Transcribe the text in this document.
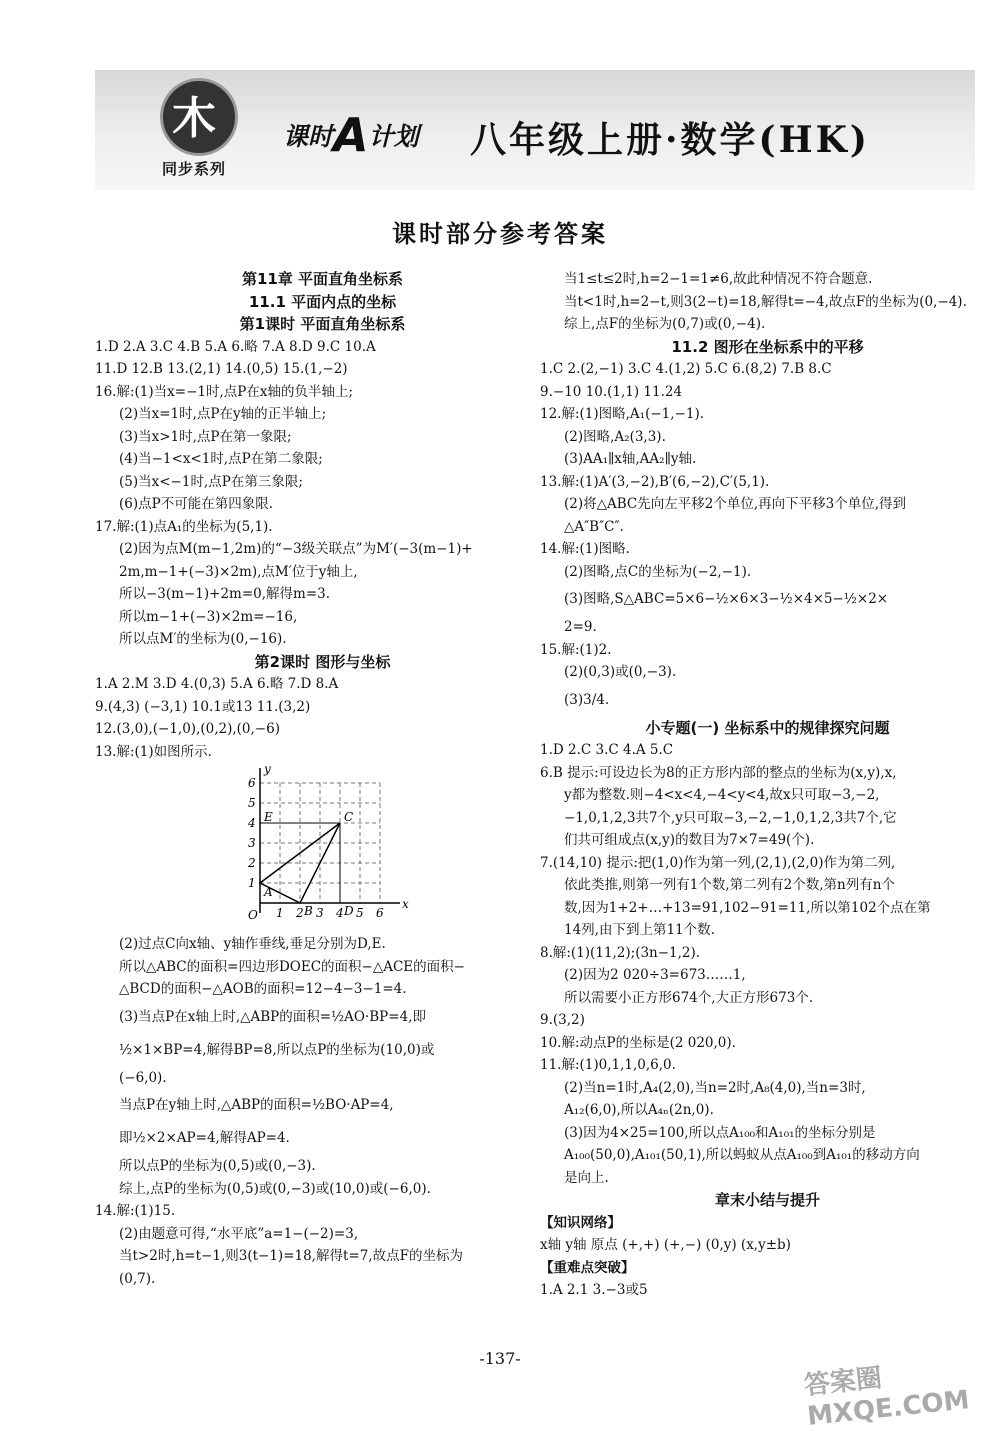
木
同步系列
课时A计划 八年级上册·数学(HK)
课时部分参考答案
第11章 平面直角坐标系
11.1 平面内点的坐标
第1课时 平面直角坐标系
1.D 2.A 3.C 4.B 5.A 6.略 7.A 8.D 9.C 10.A
11.D 12.B 13.(2,1) 14.(0,5) 15.(1,−2)
16.解:(1)当x=−1时,点P在x轴的负半轴上;
(2)当x=1时,点P在y轴的正半轴上;
(3)当x>1时,点P在第一象限;
(4)当−1<x<1时,点P在第二象限;
(5)当x<−1时,点P在第三象限;
(6)点P不可能在第四象限.
17.解:(1)点A₁的坐标为(5,1).
(2)因为点M(m−1,2m)的“−3级关联点”为M′(−3(m−1)+
2m,m−1+(−3)×2m),点M′位于y轴上,
所以−3(m−1)+2m=0,解得m=3.
所以m−1+(−3)×2m=−16,
所以点M′的坐标为(0,−16).
第2课时 图形与坐标
1.A 2.M 3.D 4.(0,3) 5.A 6.略 7.D 8.A
9.(4,3) (−3,1) 10.1或13 11.(3,2)
12.(3,0),(−1,0),(0,2),(0,−6)
13.解:(1)如图所示.
1
2
3
4
5
6
1 2 3 4 5 6
x
y
O
A
B
C
D
E
(2)过点C向x轴、y轴作垂线,垂足分别为D,E.
所以△ABC的面积=四边形DOEC的面积−△ACE的面积−
△BCD的面积−△AOB的面积=12−4−3−1=4.
(3)当点P在x轴上时,△ABP的面积=½AO·BP=4,即
½×1×BP=4,解得BP=8,所以点P的坐标为(10,0)或
(−6,0).
当点P在y轴上时,△ABP的面积=½BO·AP=4,
即½×2×AP=4,解得AP=4.
所以点P的坐标为(0,5)或(0,−3).
综上,点P的坐标为(0,5)或(0,−3)或(10,0)或(−6,0).
14.解:(1)15.
(2)由题意可得,“水平底”a=1−(−2)=3,
当t>2时,h=t−1,则3(t−1)=18,解得t=7,故点F的坐标为
(0,7).
当1≤t≤2时,h=2−1=1≠6,故此种情况不符合题意.
当t<1时,h=2−t,则3(2−t)=18,解得t=−4,故点F的坐标为(0,−4).
综上,点F的坐标为(0,7)或(0,−4).
11.2 图形在坐标系中的平移
1.C 2.(2,−1) 3.C 4.(1,2) 5.C 6.(8,2) 7.B 8.C
9.−10 10.(1,1) 11.24
12.解:(1)图略,A₁(−1,−1).
(2)图略,A₂(3,3).
(3)AA₁∥x轴,AA₂∥y轴.
13.解:(1)A′(3,−2),B′(6,−2),C′(5,1).
(2)将△ABC先向左平移2个单位,再向下平移3个单位,得到
△A″B″C″.
14.解:(1)图略.
(2)图略,点C的坐标为(−2,−1).
(3)图略,S△ABC=5×6−½×6×3−½×4×5−½×2×
2=9.
15.解:(1)2.
(2)(0,3)或(0,−3).
(3)3/4.
小专题(一) 坐标系中的规律探究问题
1.D 2.C 3.C 4.A 5.C
6.B 提示:可设边长为8的正方形内部的整点的坐标为(x,y),x,
y都为整数.则−4<x<4,−4<y<4,故x只可取−3,−2,
−1,0,1,2,3共7个,y只可取−3,−2,−1,0,1,2,3共7个,它
们共可组成点(x,y)的数目为7×7=49(个).
7.(14,10) 提示:把(1,0)作为第一列,(2,1),(2,0)作为第二列,
依此类推,则第一列有1个数,第二列有2个数,第n列有n个
数,因为1+2+…+13=91,102−91=11,所以第102个点在第
14列,由下到上第11个数.
8.解:(1)(11,2);(3n−1,2).
(2)因为2 020÷3=673……1,
所以需要小正方形674个,大正方形673个.
9.(3,2)
10.解:动点P的坐标是(2 020,0).
11.解:(1)0,1,1,0,6,0.
(2)当n=1时,A₄(2,0),当n=2时,A₈(4,0),当n=3时,
A₁₂(6,0),所以A₄ₙ(2n,0).
(3)因为4×25=100,所以点A₁₀₀和A₁₀₁的坐标分别是
A₁₀₀(50,0),A₁₀₁(50,1),所以蚂蚁从点A₁₀₀到A₁₀₁的移动方向
是向上.
章末小结与提升
【知识网络】
x轴 y轴 原点 (+,+) (+,−) (0,y) (x,y±b)
【重难点突破】
1.A 2.1 3.−3或5
-137-
答案圈 MXQE.COM
